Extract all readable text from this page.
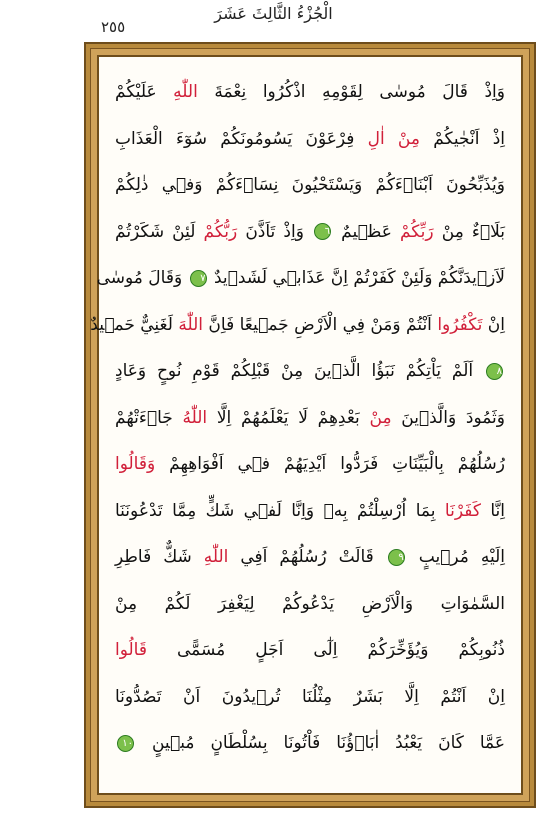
الْجُزْءُ الثَّالِثَ عَشَرَ
٢٥٥
وَاِذْ قَالَ مُوسٰى لِقَوْمِهِ اذْكُرُوا نِعْمَةَ اللّٰهِ عَلَيْكُمْ
اِذْ اَنْجٰيكُمْ مِنْ اٰلِ فِرْعَوْنَ يَسُومُونَكُمْ سُوٓءَ الْعَذَابِ
وَيُذَبِّحُونَ اَبْنَاۤءَكُمْ وَيَسْتَحْيُونَ نِسَاۤءَكُمْ وَفٖي ذٰلِكُمْ
بَلَاۤءٌ مِنْ رَبِّكُمْ عَظٖيمٌ ٦ وَاِذْ تَاَذَّنَ رَبُّكُمْ لَئِنْ شَكَرْتُمْ
لَاَزٖيدَنَّكُمْ وَلَئِنْ كَفَرْتُمْ اِنَّ عَذَابٖي لَشَدٖيدٌ ٧ وَقَالَ مُوسٰى
اِنْ تَكْفُرُوا اَنْتُمْ وَمَنْ فِي الْاَرْضِ جَمٖيعًا فَاِنَّ اللّٰهَ لَغَنِيٌّ حَمٖيدٌ
٨ اَلَمْ يَاْتِكُمْ نَبَؤُا الَّذٖينَ مِنْ قَبْلِكُمْ قَوْمِ نُوحٍ وَعَادٍ
وَثَمُودَ وَالَّذٖينَ مِنْ بَعْدِهِمْ لَا يَعْلَمُهُمْ اِلَّا اللّٰهُ جَاۤءَتْهُمْ
رُسُلُهُمْ بِالْبَيِّنَاتِ فَرَدُّوا اَيْدِيَهُمْ فٖي اَفْوَاهِهِمْ وَقَالُوا
اِنَّا كَفَرْنَا بِمَا اُرْسِلْتُمْ بِهٖ وَاِنَّا لَفٖي شَكٍّ مِمَّا تَدْعُونَنَا
اِلَيْهِ مُرٖيبٍ ٩ قَالَتْ رُسُلُهُمْ اَفِي اللّٰهِ شَكٌّ فَاطِرِ
السَّمٰوَاتِ وَالْاَرْضِ يَدْعُوكُمْ لِيَغْفِرَ لَكُمْ مِنْ
ذُنُوبِكُمْ وَيُؤَخِّرَكُمْ اِلٰٓى اَجَلٍ مُسَمًّى قَالُوا
اِنْ اَنْتُمْ اِلَّا بَشَرٌ مِثْلُنَا تُرٖيدُونَ اَنْ تَصُدُّونَا
عَمَّا كَانَ يَعْبُدُ اٰبَاۤؤُنَا فَاْتُونَا بِسُلْطَانٍ مُبٖينٍ ١٠
